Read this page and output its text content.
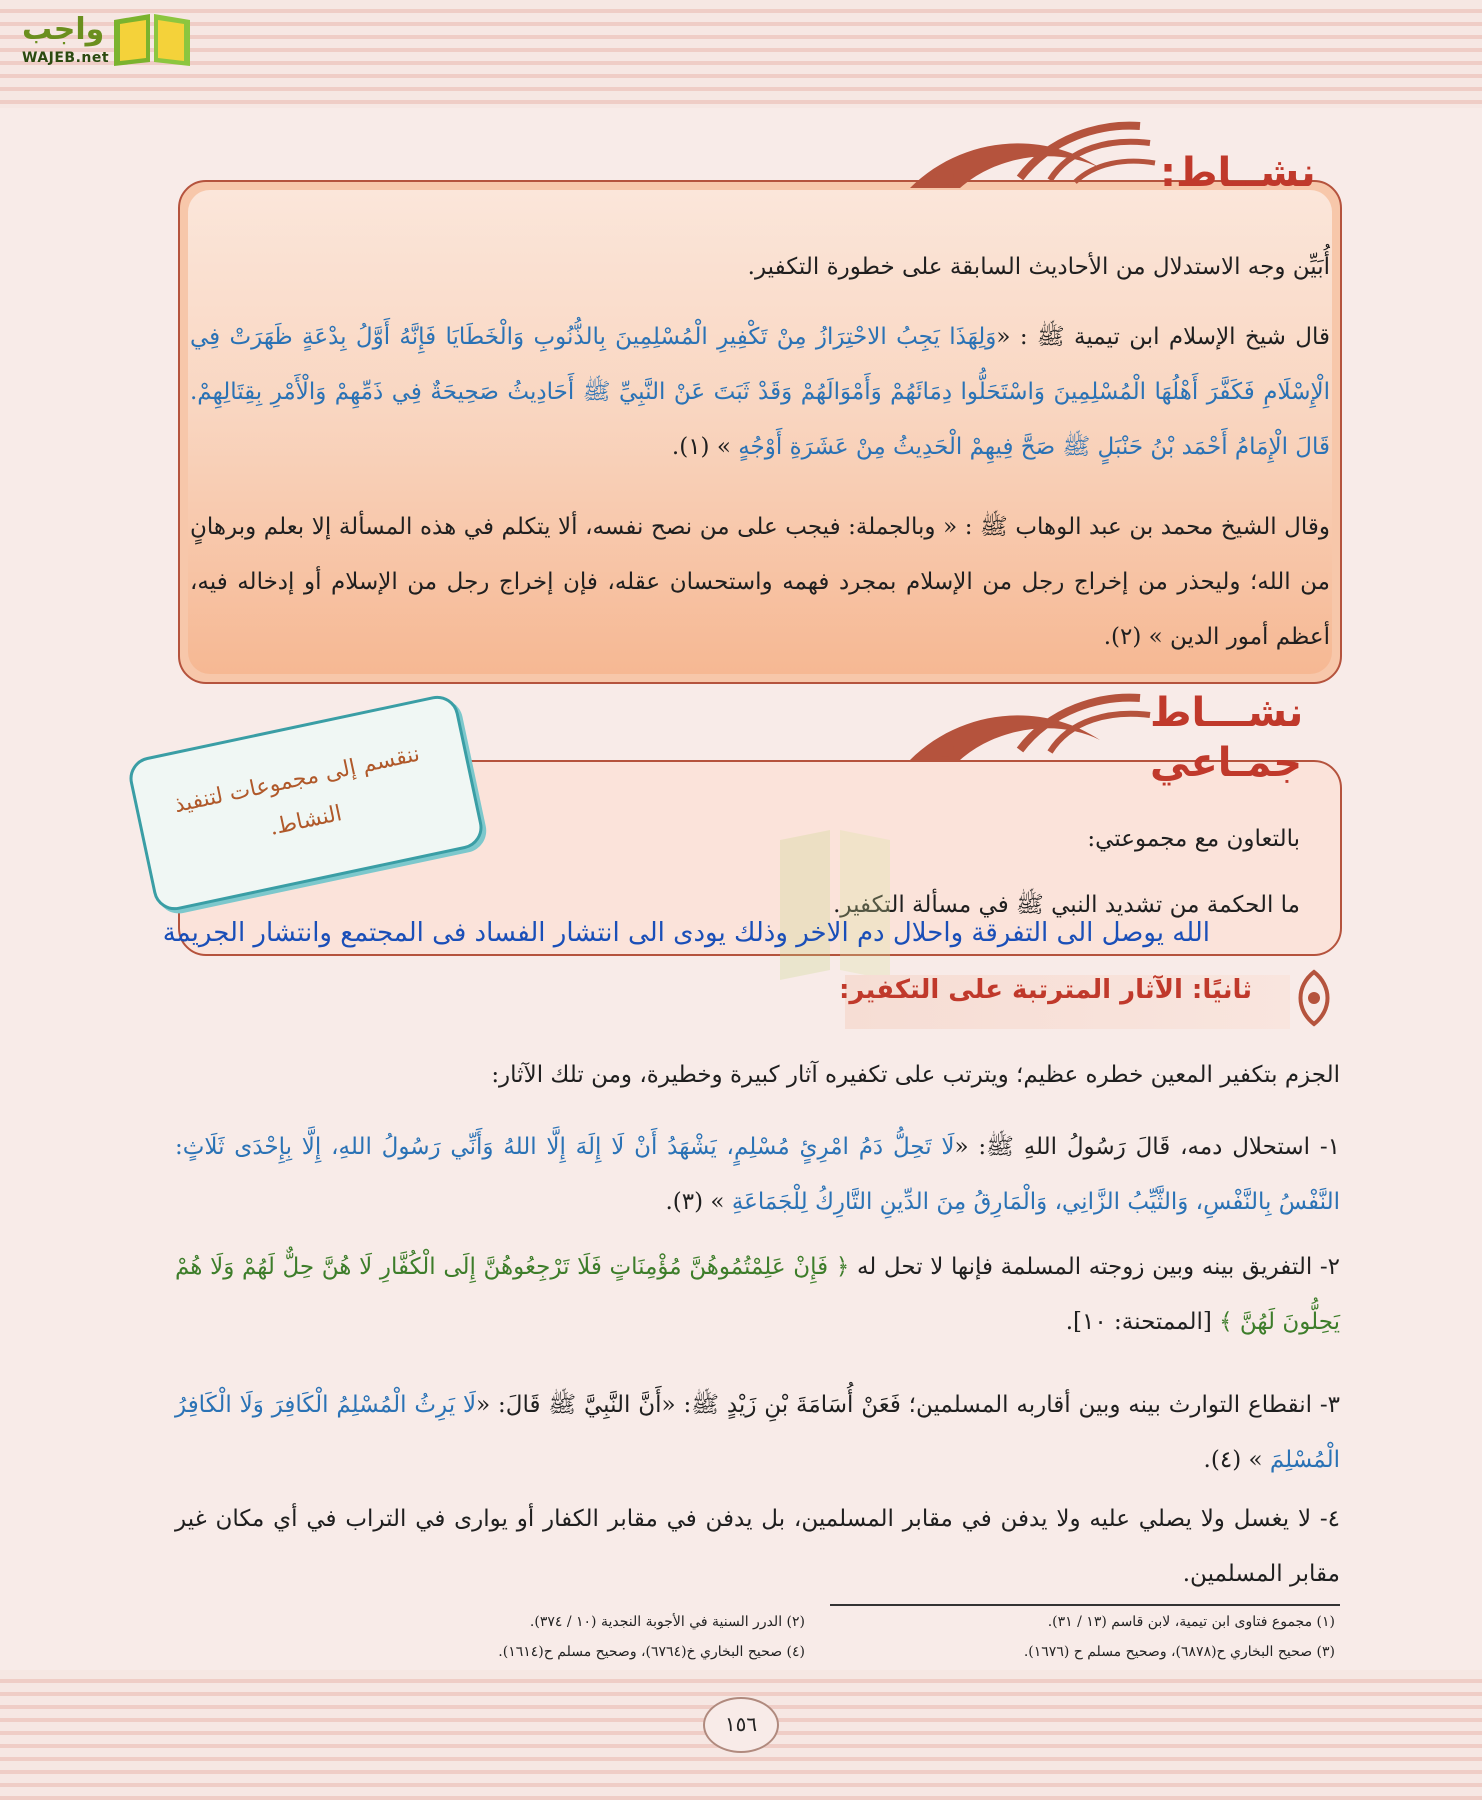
واجب
WAJEB.net
نشــاط:
أُبَيِّن وجه الاستدلال من الأحاديث السابقة على خطورة التكفير.
قال شيخ الإسلام ابن تيمية ﷺ : «وَلِهَذَا يَجِبُ الاحْتِرَازُ مِنْ تَكْفِيرِ الْمُسْلِمِينَ بِالذُّنُوبِ وَالْخَطَايَا فَإِنَّهُ أَوَّلُ بِدْعَةٍ ظَهَرَتْ فِي الْإِسْلَامِ فَكَفَّرَ أَهْلُهَا الْمُسْلِمِينَ وَاسْتَحَلُّوا دِمَائَهُمْ وَأَمْوَالَهُمْ وَقَدْ ثَبَتَ عَنْ النَّبِيِّ ﷺ أَحَادِيثُ صَحِيحَةٌ فِي ذَمِّهِمْ وَالْأَمْرِ بِقِتَالِهِمْ. قَالَ الْإِمَامُ أَحْمَد بْنُ حَنْبَلٍ ﷺ صَحَّ فِيهِمْ الْحَدِيثُ مِنْ عَشَرَةِ أَوْجُهٍ » (١).
وقال الشيخ محمد بن عبد الوهاب ﷺ : « وبالجملة: فيجب على من نصح نفسه، ألا يتكلم في هذه المسألة إلا بعلم وبرهانٍ من الله؛ وليحذر من إخراج رجل من الإسلام بمجرد فهمه واستحسان عقله، فإن إخراج رجل من الإسلام أو إدخاله فيه، أعظم أمور الدين » (٢).
نشـــاط
جمـاعي
بالتعاون مع مجموعتي:
ما الحكمة من تشديد النبي ﷺ في مسألة التكفير.
ننقسم إلى مجموعات لتنفيذ النشاط.
الله يوصل الى التفرقة واحلال دم الاخر وذلك يودى الى انتشار الفساد فى المجتمع وانتشار الجريمة
ثانيًا: الآثار المترتبة على التكفير:
الجزم بتكفير المعين خطره عظيم؛ ويترتب على تكفيره آثار كبيرة وخطيرة، ومن تلك الآثار:
١- استحلال دمه، قَالَ رَسُولُ اللهِ ﷺ: «لَا تَحِلُّ دَمُ امْرِئٍ مُسْلِمٍ، يَشْهَدُ أَنْ لَا إِلَهَ إِلَّا اللهُ وَأَنِّي رَسُولُ اللهِ، إِلَّا بِإِحْدَى ثَلَاثٍ: النَّفْسُ بِالنَّفْسِ، وَالثَّيِّبُ الزَّانِي، وَالْمَارِقُ مِنَ الدِّينِ التَّارِكُ لِلْجَمَاعَةِ » (٣).
٢- التفريق بينه وبين زوجته المسلمة فإنها لا تحل له ﴿ فَإِنْ عَلِمْتُمُوهُنَّ مُؤْمِنَاتٍ فَلَا تَرْجِعُوهُنَّ إِلَى الْكُفَّارِ لَا هُنَّ حِلٌّ لَهُمْ وَلَا هُمْ يَحِلُّونَ لَهُنَّ ﴾ [الممتحنة: ١٠].
٣- انقطاع التوارث بينه وبين أقاربه المسلمين؛ فَعَنْ أُسَامَةَ بْنِ زَيْدٍ ﷺ: «أَنَّ النَّبِيَّ ﷺ قَالَ: «لَا يَرِثُ الْمُسْلِمُ الْكَافِرَ وَلَا الْكَافِرُ الْمُسْلِمَ » (٤).
٤- لا يغسل ولا يصلي عليه ولا يدفن في مقابر المسلمين، بل يدفن في مقابر الكفار أو يوارى في التراب في أي مكان غير مقابر المسلمين.
(١) مجموع فتاوى ابن تيمية، لابن قاسم (١٣ / ٣١).
(٢) الدرر السنية في الأجوبة النجدية (١٠ / ٣٧٤).
(٣) صحيح البخاري ح(٦٨٧٨)، وصحيح مسلم ح (١٦٧٦).
(٤) صحيح البخاري خ(٦٧٦٤)، وصحيح مسلم ح(١٦١٤).
١٥٦
